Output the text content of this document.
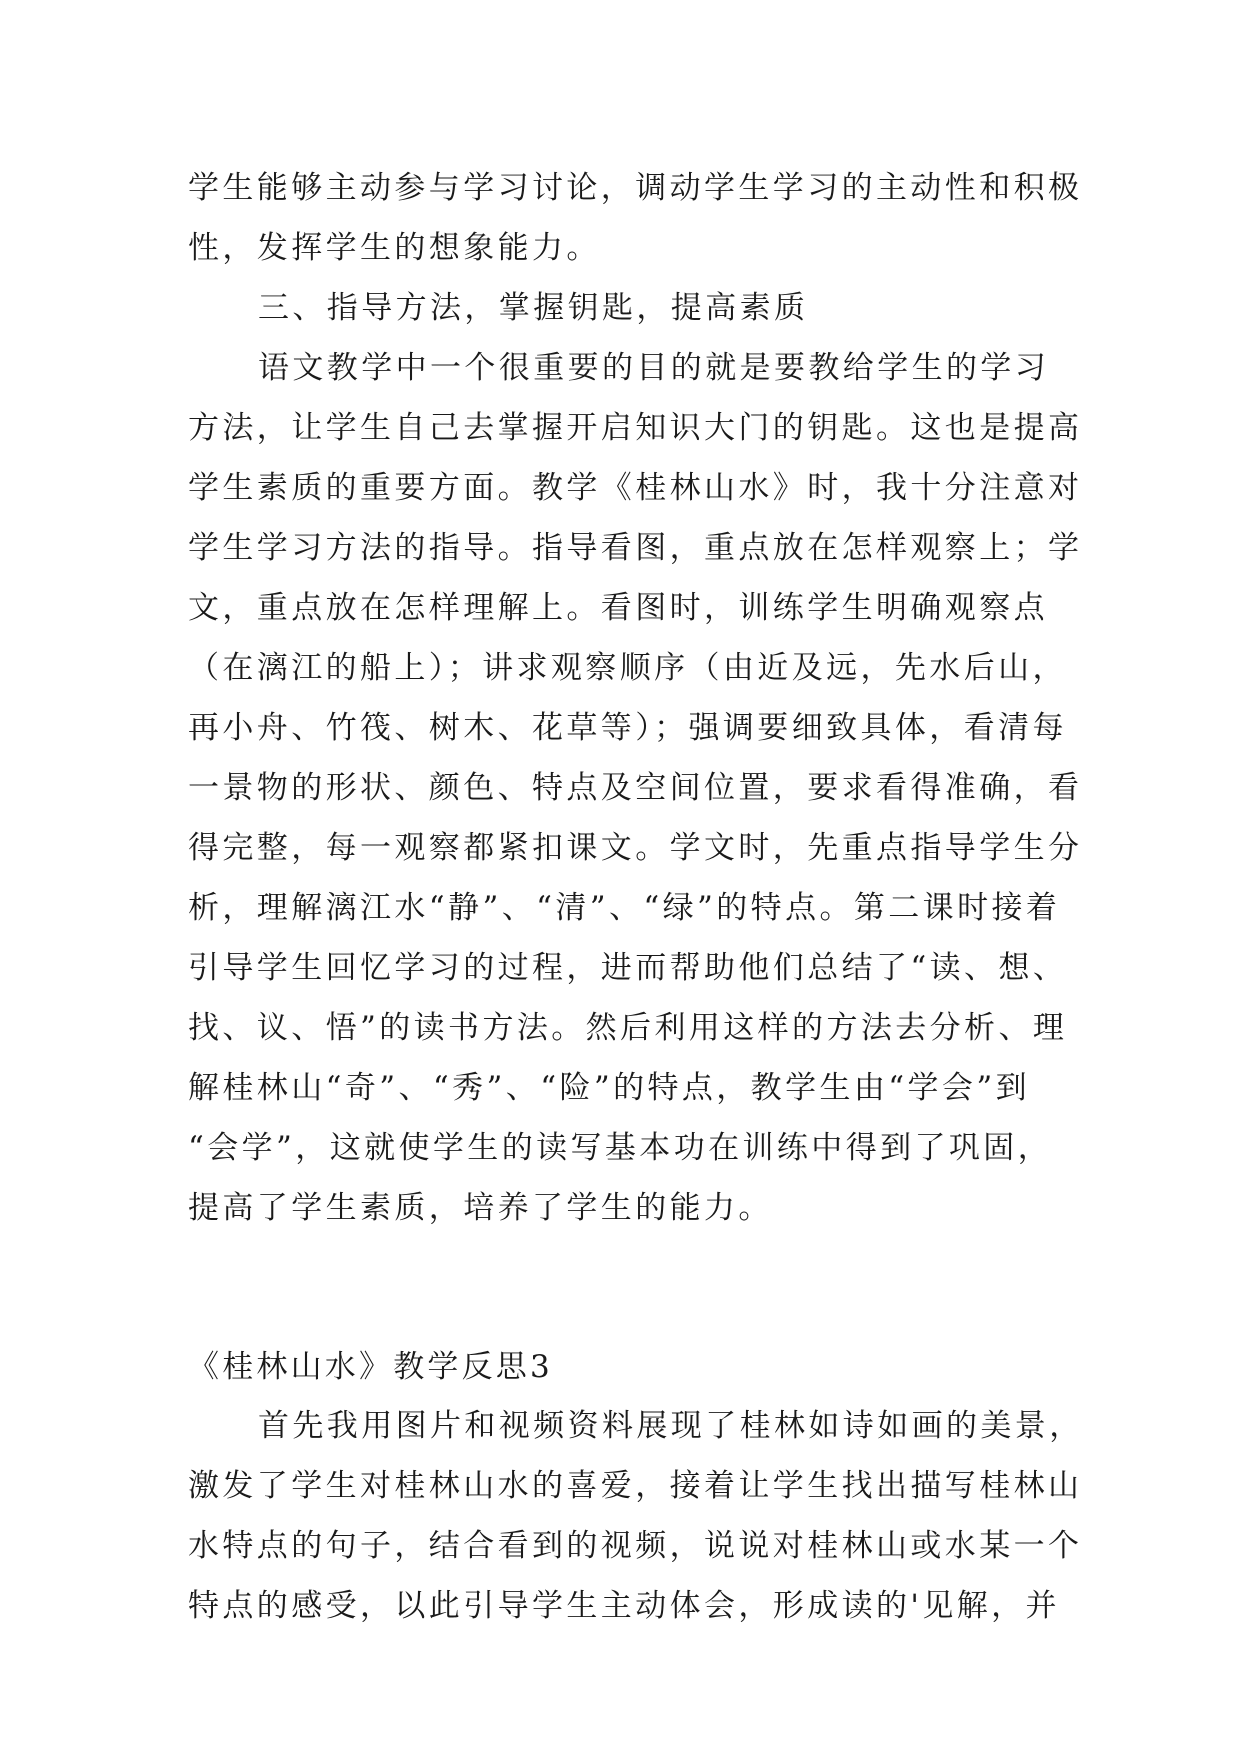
学生能够主动参与学习讨论，调动学生学习的主动性和积极
性，发挥学生的想象能力。
三、指导方法，掌握钥匙，提高素质
语文教学中一个很重要的目的就是要教给学生的学习
方法，让学生自己去掌握开启知识大门的钥匙。这也是提高
学生素质的重要方面。教学《桂林山水》时，我十分注意对
学生学习方法的指导。指导看图，重点放在怎样观察上；学
文，重点放在怎样理解上。看图时，训练学生明确观察点
（在漓江的船上）；讲求观察顺序（由近及远，先水后山，
再小舟、竹筏、树木、花草等）；强调要细致具体，看清每
一景物的形状、颜色、特点及空间位置，要求看得准确，看
得完整，每一观察都紧扣课文。学文时，先重点指导学生分
析，理解漓江水“静”、“清”、“绿”的特点。第二课时接着
引导学生回忆学习的过程，进而帮助他们总结了“读、想、
找、议、悟”的读书方法。然后利用这样的方法去分析、理
解桂林山“奇”、“秀”、“险”的特点，教学生由“学会”到
“会学”，这就使学生的读写基本功在训练中得到了巩固，
提高了学生素质，培养了学生的能力。
《桂林山水》教学反思3
首先我用图片和视频资料展现了桂林如诗如画的美景，
激发了学生对桂林山水的喜爱，接着让学生找出描写桂林山
水特点的句子，结合看到的视频，说说对桂林山或水某一个
特点的感受，以此引导学生主动体会，形成读的'见解，并
